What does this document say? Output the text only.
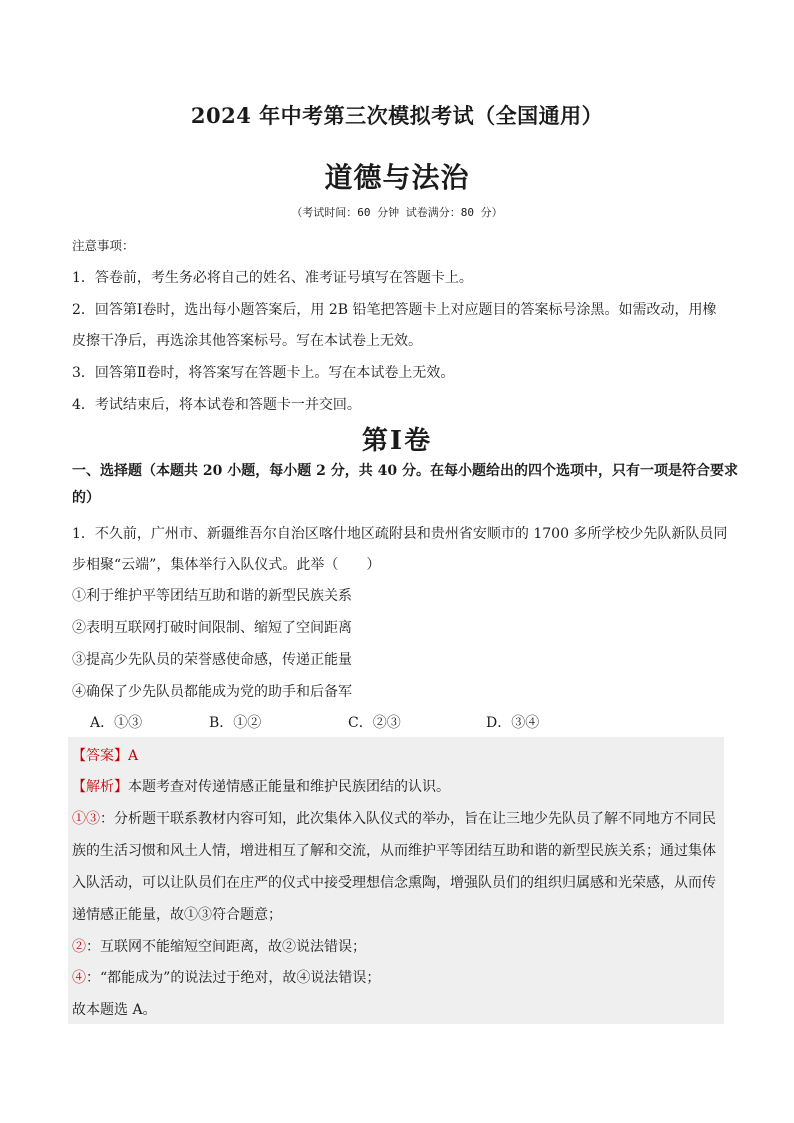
2024 年中考第三次模拟考试（全国通用）
道德与法治
（考试时间：60 分钟 试卷满分：80 分）
注意事项：
1．答卷前，考生务必将自己的姓名、准考证号填写在答题卡上。
2．回答第Ⅰ卷时，选出每小题答案后，用 2B 铅笔把答题卡上对应题目的答案标号涂黑。如需改动，用橡
皮擦干净后，再选涂其他答案标号。写在本试卷上无效。
3．回答第Ⅱ卷时，将答案写在答题卡上。写在本试卷上无效。
4．考试结束后，将本试卷和答题卡一并交回。
第Ⅰ卷
一、选择题（本题共 20 小题，每小题 2 分，共 40 分。在每小题给出的四个选项中，只有一项是符合要求
的）
1．不久前，广州市、新疆维吾尔自治区喀什地区疏附县和贵州省安顺市的 1700 多所学校少先队新队员同
步相聚“云端”，集体举行入队仪式。此举（　　）
①利于维护平等团结互助和谐的新型民族关系
②表明互联网打破时间限制、缩短了空间距离
③提高少先队员的荣誉感使命感，传递正能量
④确保了少先队员都能成为党的助手和后备军
A．①③	B．①②	C．②③	D．③④
【答案】A
【解析】本题考查对传递情感正能量和维护民族团结的认识。
①③：分析题干联系教材内容可知，此次集体入队仪式的举办，旨在让三地少先队员了解不同地方不同民
族的生活习惯和风土人情，增进相互了解和交流，从而维护平等团结互助和谐的新型民族关系；通过集体
入队活动，可以让队员们在庄严的仪式中接受理想信念熏陶，增强队员们的组织归属感和光荣感，从而传
递情感正能量，故①③符合题意；
②：互联网不能缩短空间距离，故②说法错误；
④：“都能成为”的说法过于绝对，故④说法错误；
故本题选 A。
